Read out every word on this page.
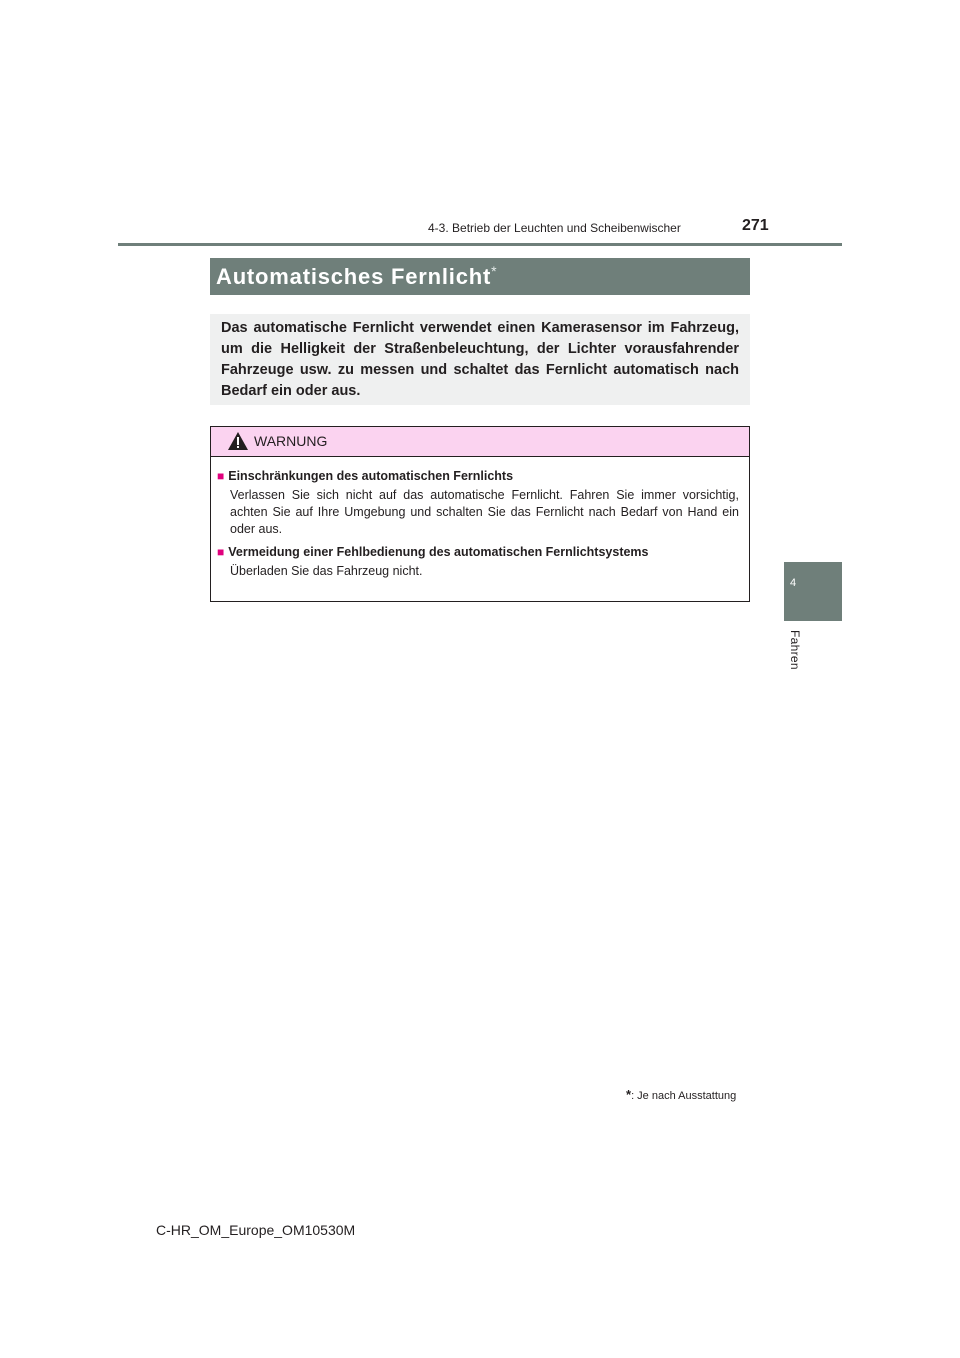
4-3. Betrieb der Leuchten und Scheibenwischer	271
Automatisches Fernlicht*

Das automatische Fernlicht verwendet einen Kamerasensor im Fahrzeug, um die Helligkeit der Straßenbeleuchtung, der Lichter vorausfahrender Fahrzeuge usw. zu messen und schaltet das Fernlicht automatisch nach Bedarf ein oder aus.

WARNUNG

■ Einschränkungen des automatischen Fernlichts

Verlassen Sie sich nicht auf das automatische Fernlicht. Fahren Sie immer vorsichtig, achten Sie auf Ihre Umgebung und schalten Sie das Fernlicht nach Bedarf von Hand ein oder aus.

■ Vermeidung einer Fehlbedienung des automatischen Fernlichtsystems

Überladen Sie das Fahrzeug nicht.

4
Fahren
*: Je nach Ausstattung
C-HR_OM_Europe_OM10530M
